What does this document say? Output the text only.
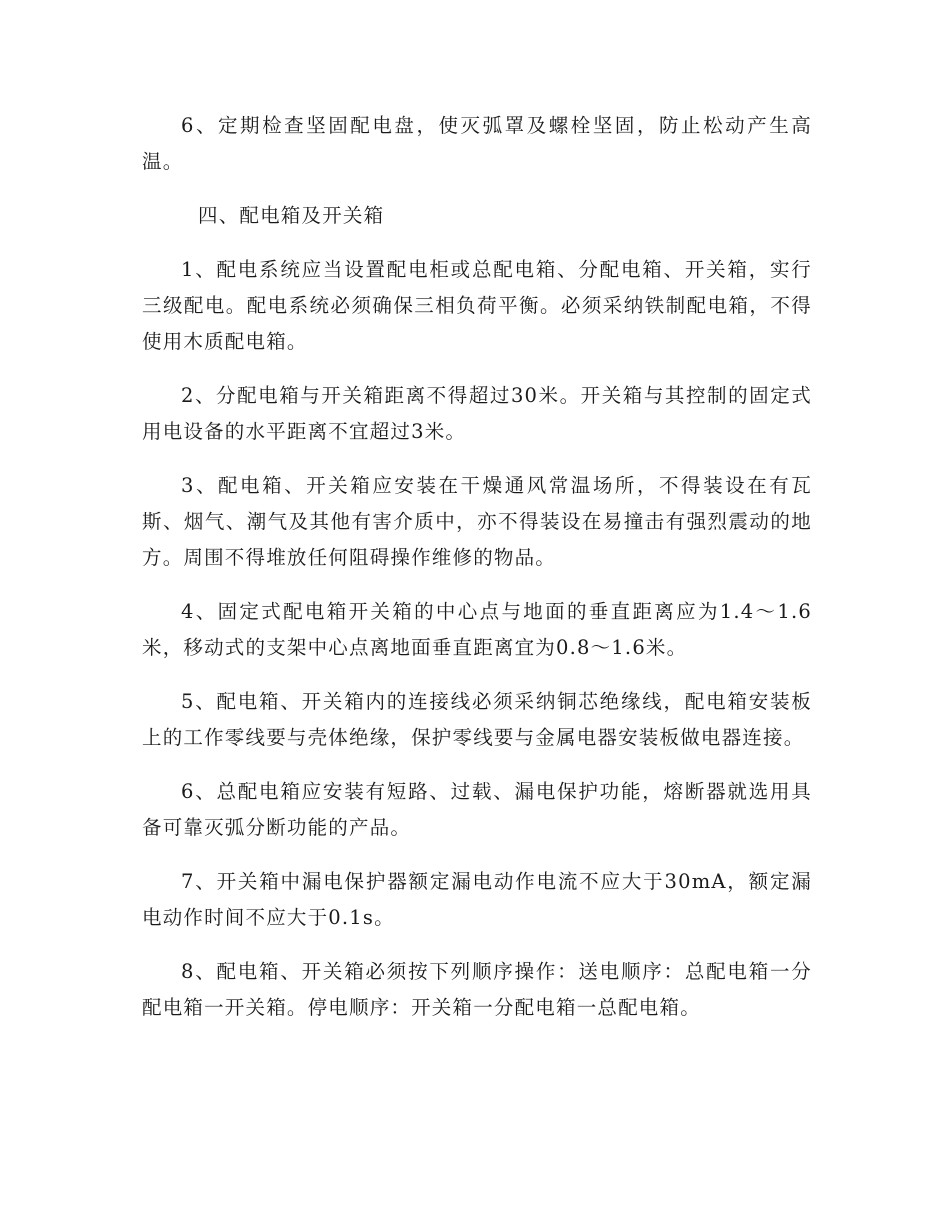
6、定期检查坚固配电盘，使灭弧罩及螺栓坚固，防止松动产生高温。

四、配电箱及开关箱

1、配电系统应当设置配电柜或总配电箱、分配电箱、开关箱，实行三级配电。配电系统必须确保三相负荷平衡。必须采纳铁制配电箱，不得使用木质配电箱。

2、分配电箱与开关箱距离不得超过30米。开关箱与其控制的固定式用电设备的水平距离不宜超过3米。

3、配电箱、开关箱应安装在干燥通风常温场所，不得装设在有瓦斯、烟气、潮气及其他有害介质中，亦不得装设在易撞击有强烈震动的地方。周围不得堆放任何阻碍操作维修的物品。

4、固定式配电箱开关箱的中心点与地面的垂直距离应为1.4～1.6米，移动式的支架中心点离地面垂直距离宜为0.8～1.6米。

5、配电箱、开关箱内的连接线必须采纳铜芯绝缘线，配电箱安装板上的工作零线要与壳体绝缘，保护零线要与金属电器安装板做电器连接。

6、总配电箱应安装有短路、过载、漏电保护功能，熔断器就选用具备可靠灭弧分断功能的产品。

7、开关箱中漏电保护器额定漏电动作电流不应大于30mA，额定漏电动作时间不应大于0.1s。

8、配电箱、开关箱必须按下列顺序操作：送电顺序：总配电箱一分配电箱一开关箱。停电顺序：开关箱一分配电箱一总配电箱。
